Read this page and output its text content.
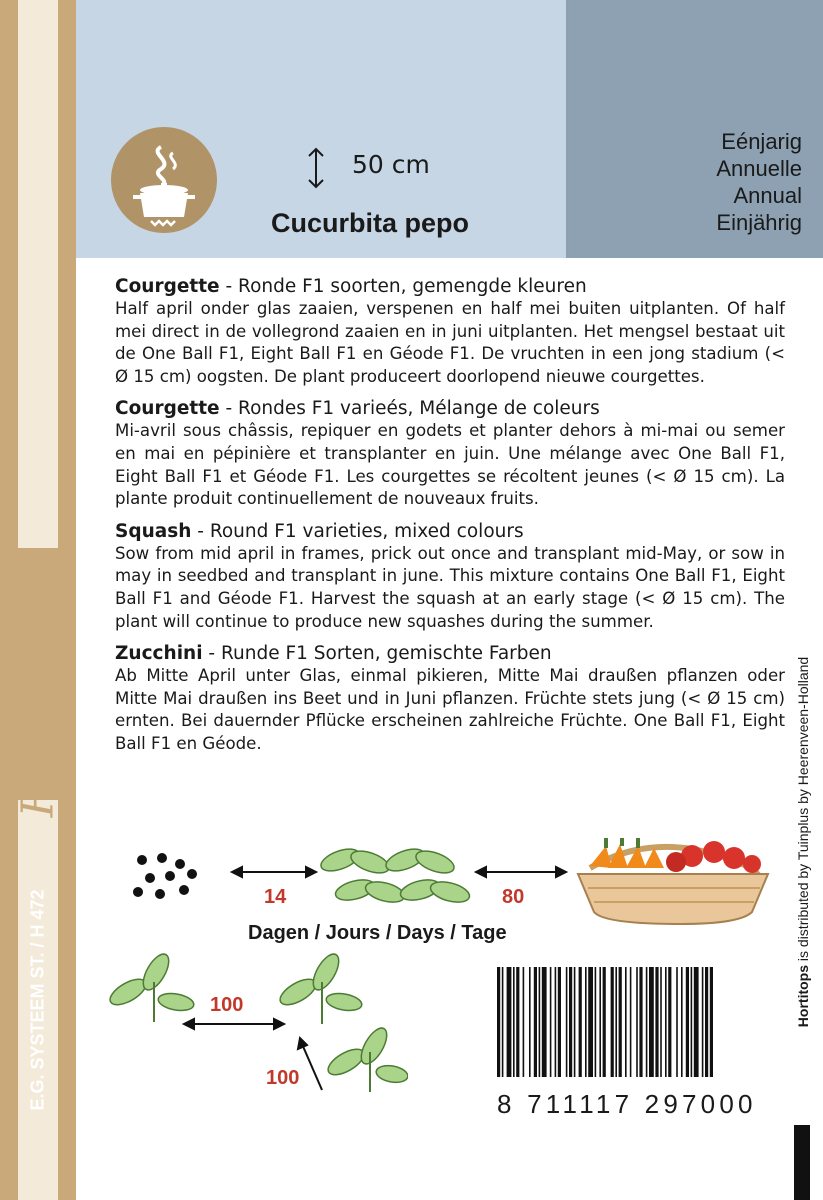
Horti Tops
E.G. SYSTEEM ST. / H 472
50 cm
Cucurbita pepo
Eénjarig
Annuelle
Annual
Einjährig
Courgette - Ronde F1 soorten, gemengde kleuren
Half april onder glas zaaien, verspenen en half mei buiten uitplanten. Of half mei direct in de vollegrond zaaien en in juni uitplanten. Het mengsel bestaat uit de One Ball F1, Eight Ball F1 en Géode F1. De vruchten in een jong stadium (< Ø 15 cm) oogsten. De plant produceert doorlopend nieuwe courgettes.
Courgette - Rondes F1 varieés, Mélange de coleurs
Mi-avril sous châssis, repiquer en godets et planter dehors à mi-mai ou semer en mai en pépinière et transplanter en juin. Une mélange avec One Ball F1, Eight Ball F1 et Géode F1. Les courgettes se récoltent jeunes (< Ø 15 cm). La plante produit continuellement de nouveaux fruits.
Squash - Round F1 varieties, mixed colours
Sow from mid april in frames, prick out once and transplant mid-May, or sow in may in seedbed and transplant in june. This mixture contains One Ball F1, Eight Ball F1 and Géode F1. Harvest the squash at an early stage (< Ø 15 cm). The plant will continue to produce new squashes during the summer.
Zucchini - Runde F1 Sorten, gemischte Farben
Ab Mitte April unter Glas, einmal pikieren, Mitte Mai draußen pflanzen oder Mitte Mai draußen ins Beet und in Juni pflanzen. Früchte stets jung (< Ø 15 cm) ernten. Bei dauernder Pflücke erscheinen zahlreiche Früchte. One Ball F1, Eight Ball F1 en Géode.
14	80
Dagen / Jours / Days / Tage
100
100
8 711117 297000
Hortitops is distributed by Tuinplus by Heerenveen-Holland
